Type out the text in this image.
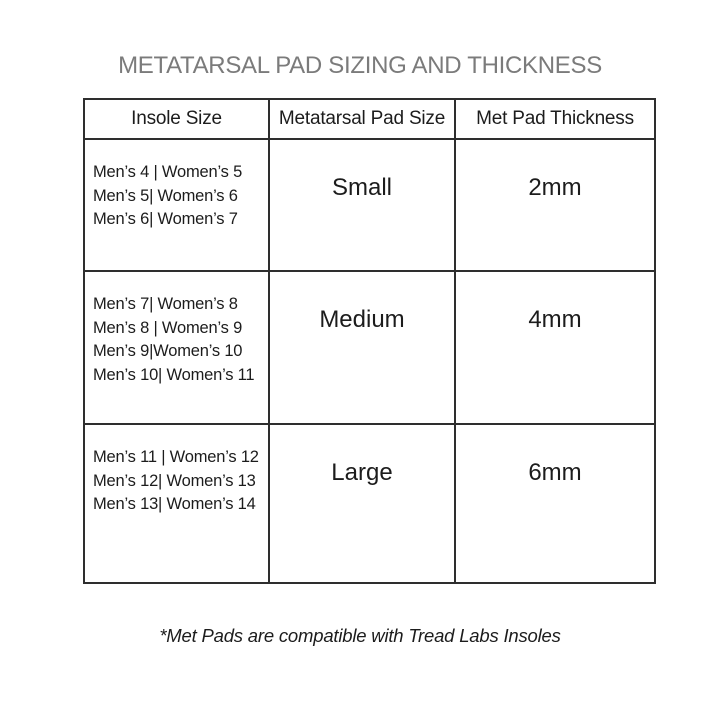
METATARSAL PAD SIZING AND THICKNESS
Insole Size	Metatarsal Pad Size	Met Pad Thickness

Men’s 4 | Women’s 5
Men’s 5| Women’s 6
Men’s 6| Women’s 7	Small	2mm

Men’s 7| Women’s 8
Men’s 8 | Women’s 9
Men’s 9|Women’s 10
Men’s 10| Women’s 11	Medium	4mm

Men’s 11 | Women’s 12
Men’s 12| Women’s 13
Men’s 13| Women’s 14	Large	6mm
*Met Pads are compatible with Tread Labs Insoles
